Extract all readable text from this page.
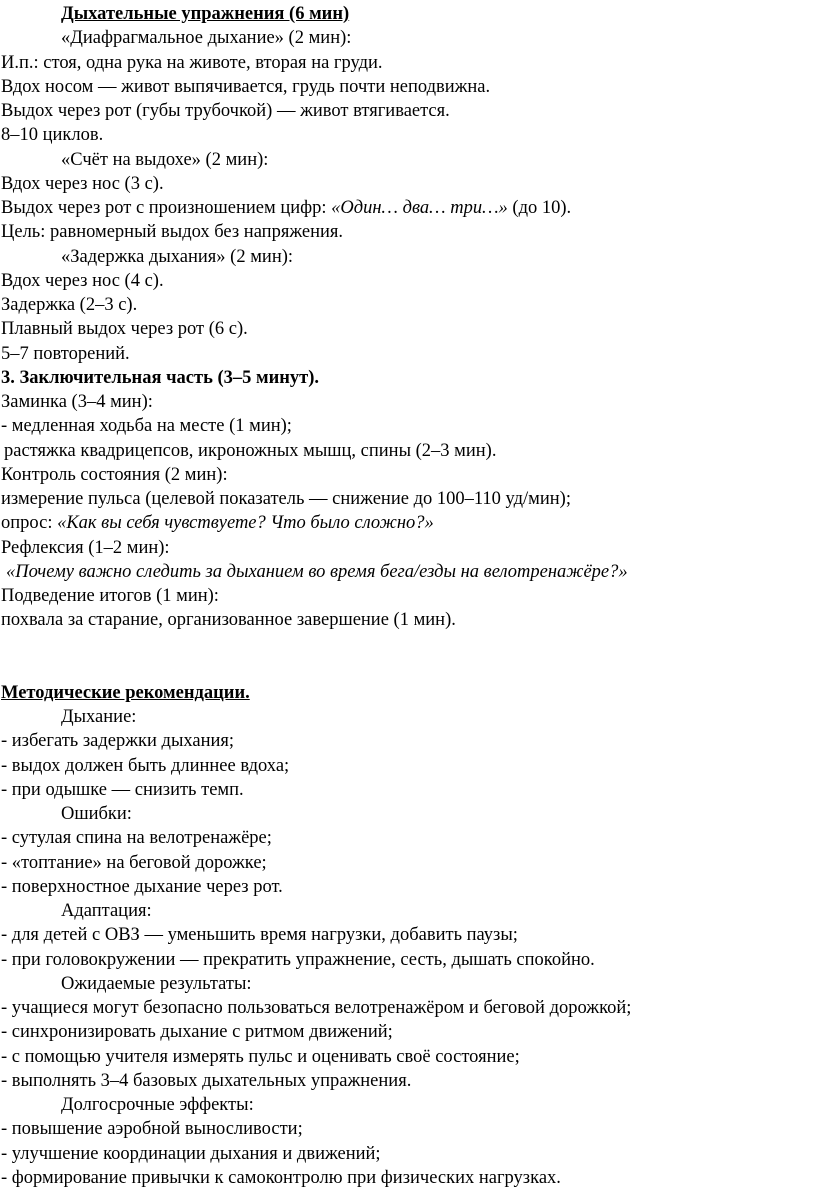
Дыхательные упражнения (6 мин)
«Диафрагмальное дыхание» (2 мин):
И.п.: стоя, одна рука на животе, вторая на груди.
Вдох носом — живот выпячивается, грудь почти неподвижна.
Выдох через рот (губы трубочкой) — живот втягивается.
8–10 циклов.
«Счёт на выдохе» (2 мин):
Вдох через нос (3 с).
Выдох через рот с произношением цифр: «Один… два… три…» (до 10).
Цель: равномерный выдох без напряжения.
«Задержка дыхания» (2 мин):
Вдох через нос (4 с).
Задержка (2–3 с).
Плавный выдох через рот (6 с).
5–7 повторений.
3. Заключительная часть (3–5 минут).
Заминка (3–4 мин):
- медленная ходьба на месте (1 мин);
растяжка квадрицепсов, икроножных мышц, спины (2–3 мин).
Контроль состояния (2 мин):
измерение пульса (целевой показатель — снижение до 100–110 уд/мин);
опрос: «Как вы себя чувствуете? Что было сложно?»
Рефлексия (1–2 мин):
«Почему важно следить за дыханием во время бега/езды на велотренажёре?»
Подведение итогов (1 мин):
похвала за старание, организованное завершение (1 мин).
Методические рекомендации.
Дыхание:
- избегать задержки дыхания;
- выдох должен быть длиннее вдоха;
- при одышке — снизить темп.
Ошибки:
- сутулая спина на велотренажёре;
- «топтание» на беговой дорожке;
- поверхностное дыхание через рот.
Адаптация:
- для детей с ОВЗ — уменьшить время нагрузки, добавить паузы;
- при головокружении — прекратить упражнение, сесть, дышать спокойно.
Ожидаемые результаты:
- учащиеся могут безопасно пользоваться велотренажёром и беговой дорожкой;
- синхронизировать дыхание с ритмом движений;
- с помощью учителя измерять пульс и оценивать своё состояние;
- выполнять 3–4 базовых дыхательных упражнения.
Долгосрочные эффекты:
- повышение аэробной выносливости;
- улучшение координации дыхания и движений;
- формирование привычки к самоконтролю при физических нагрузках.
